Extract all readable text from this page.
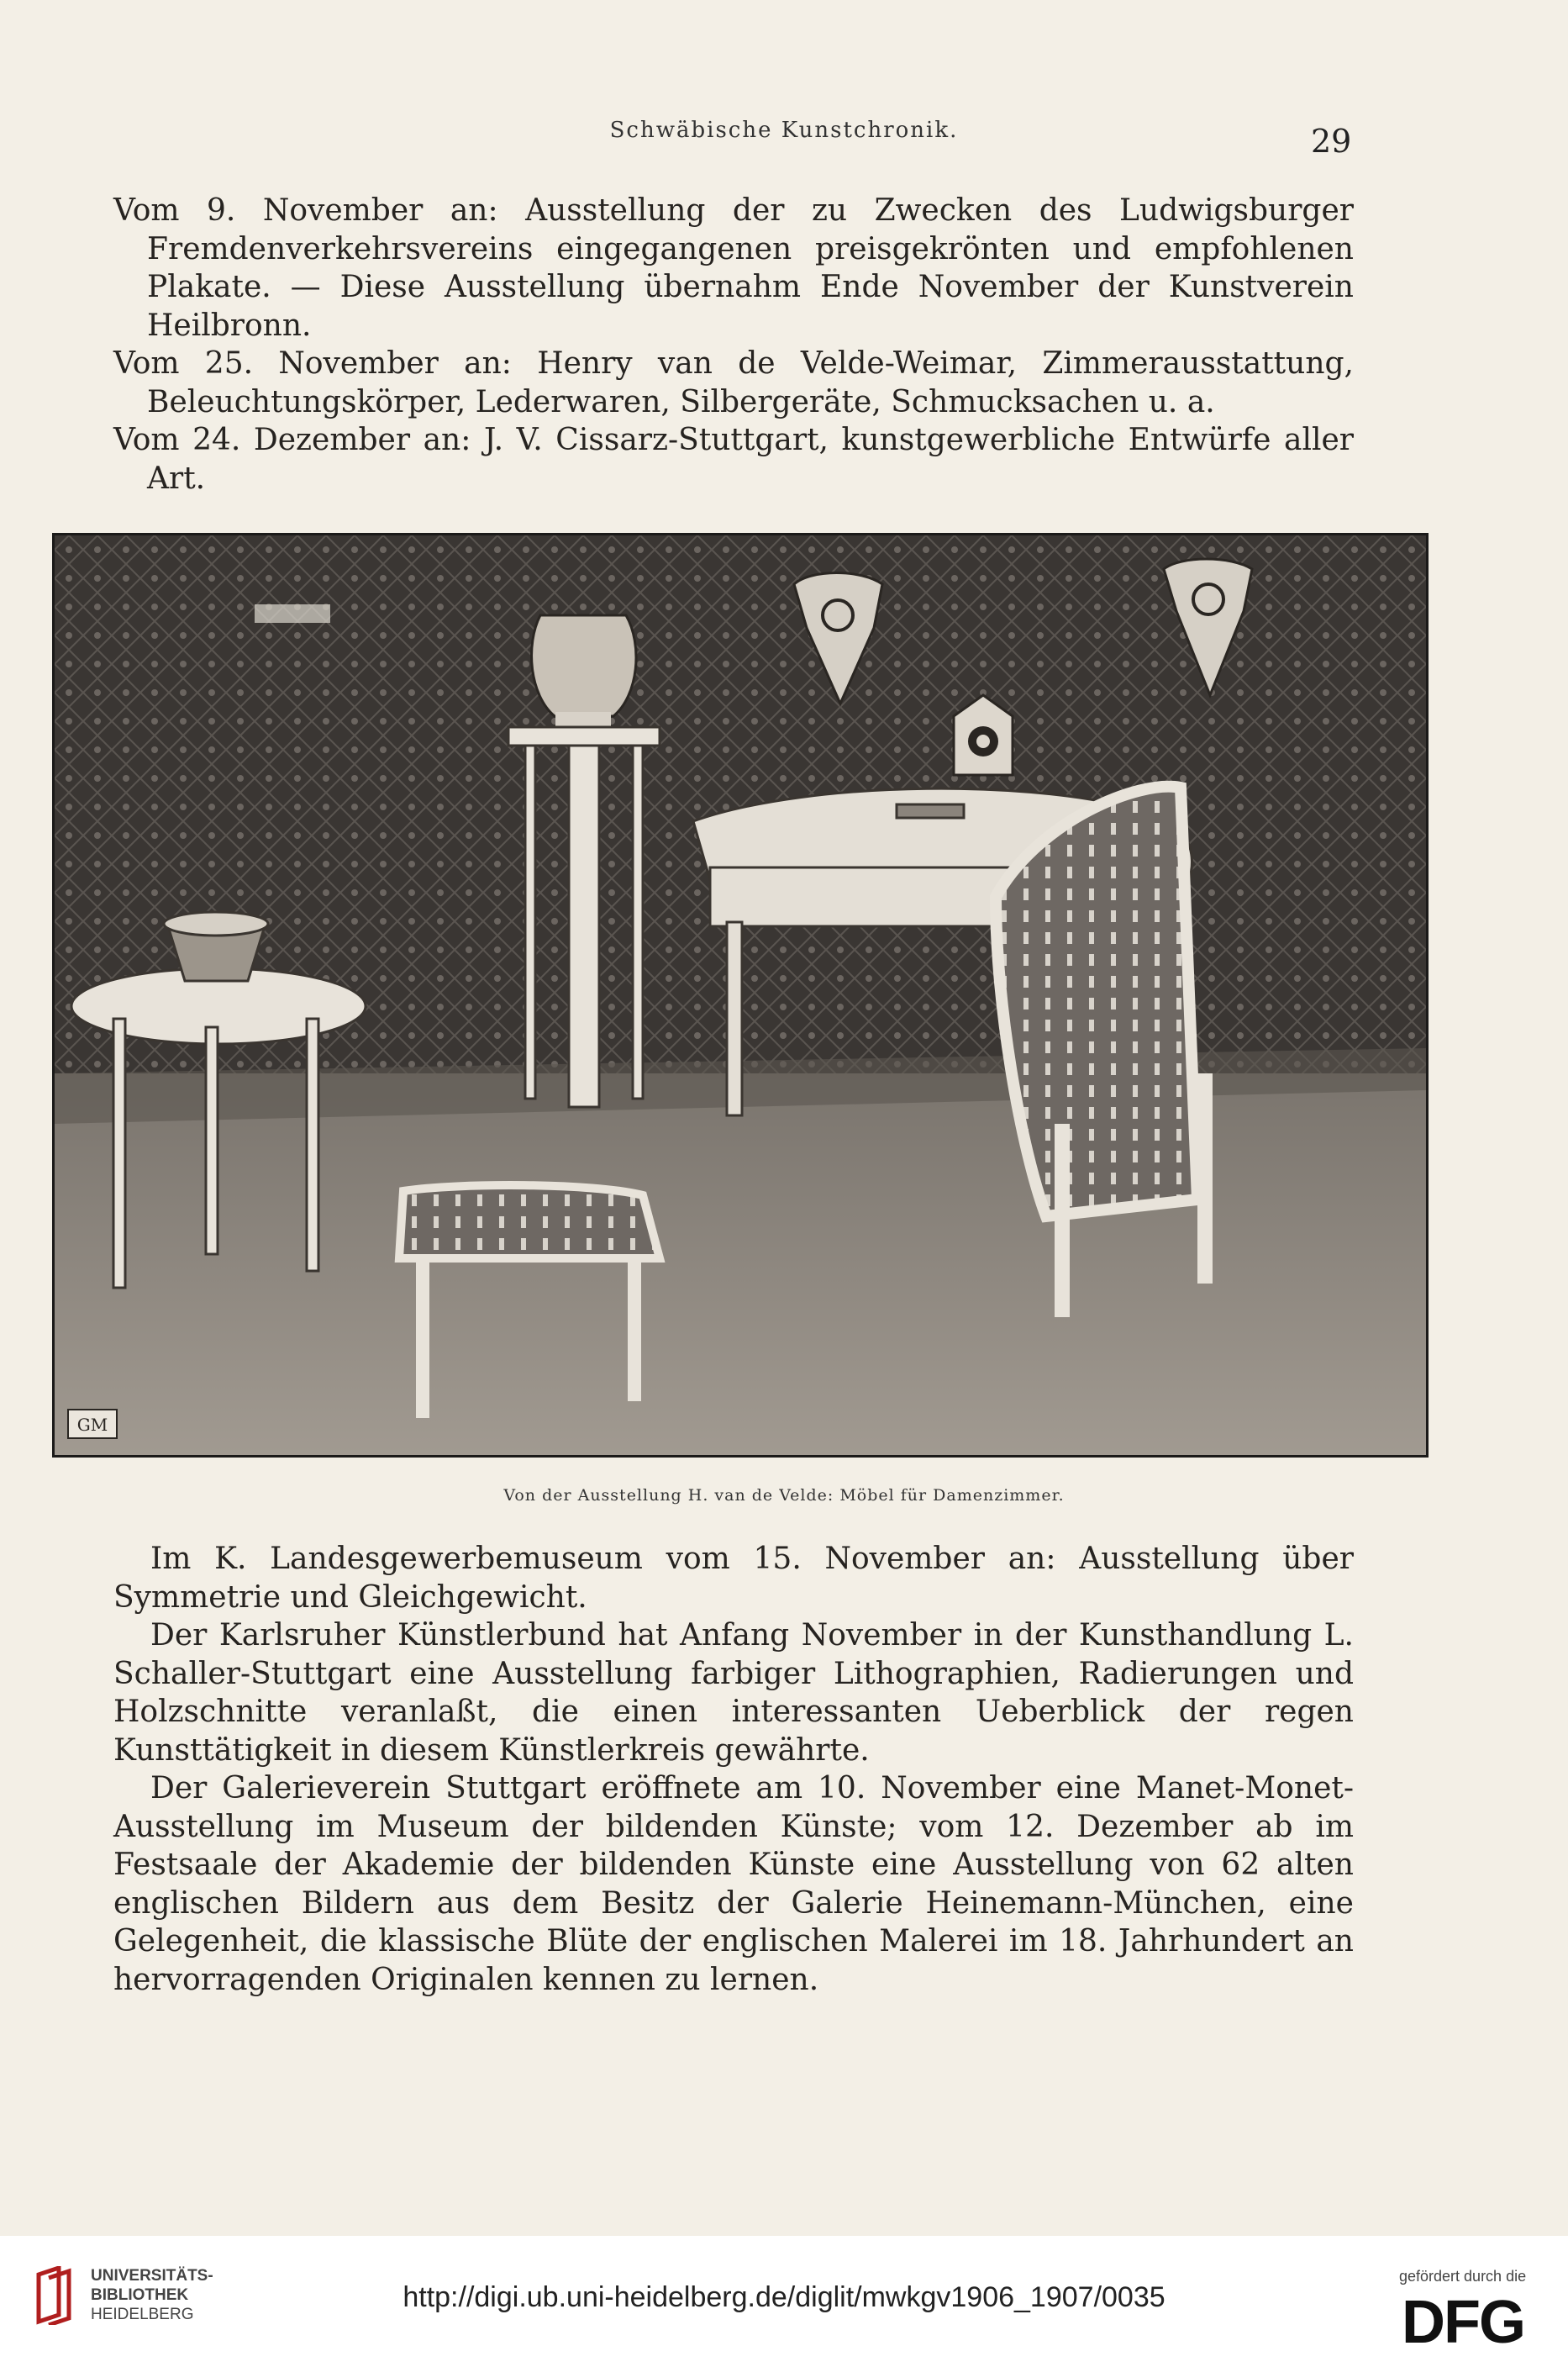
Schwäbische Kunstchronik.	29

Vom 9. November an: Ausstellung der zu Zwecken des Ludwigsburger Fremdenverkehrsvereins eingegangenen preisgekrönten und empfohlenen Plakate. — Diese Ausstellung übernahm Ende November der Kunstverein Heilbronn.

Vom 25. November an: Henry van de Velde-Weimar, Zimmerausstattung, Beleuchtungskörper, Lederwaren, Silbergeräte, Schmucksachen u. a.

Vom 24. Dezember an: J. V. Cissarz-Stuttgart, kunstgewerbliche Entwürfe aller Art.

GM
Von der Ausstellung H. van de Velde: Möbel für Damenzimmer.

Im K. Landesgewerbemuseum vom 15. November an: Ausstellung über Symmetrie und Gleichgewicht.

Der Karlsruher Künstlerbund hat Anfang November in der Kunsthandlung L. Schaller-Stuttgart eine Ausstellung farbiger Lithographien, Radierungen und Holzschnitte veranlaßt, die einen interessanten Ueberblick der regen Kunsttätigkeit in diesem Künstlerkreis gewährte.

Der Galerieverein Stuttgart eröffnete am 10. November eine Manet-Monet-Ausstellung im Museum der bildenden Künste; vom 12. Dezember ab im Festsaale der Akademie der bildenden Künste eine Ausstellung von 62 alten englischen Bildern aus dem Besitz der Galerie Heinemann-München, eine Gelegenheit, die klassische Blüte der englischen Malerei im 18. Jahrhundert an hervorragenden Originalen kennen zu lernen.

UNIVERSITÄTS-
BIBLIOTHEK
HEIDELBERG
http://digi.ub.uni-heidelberg.de/diglit/mwkgv1906_1907/0035
gefördert durch die
DFG
